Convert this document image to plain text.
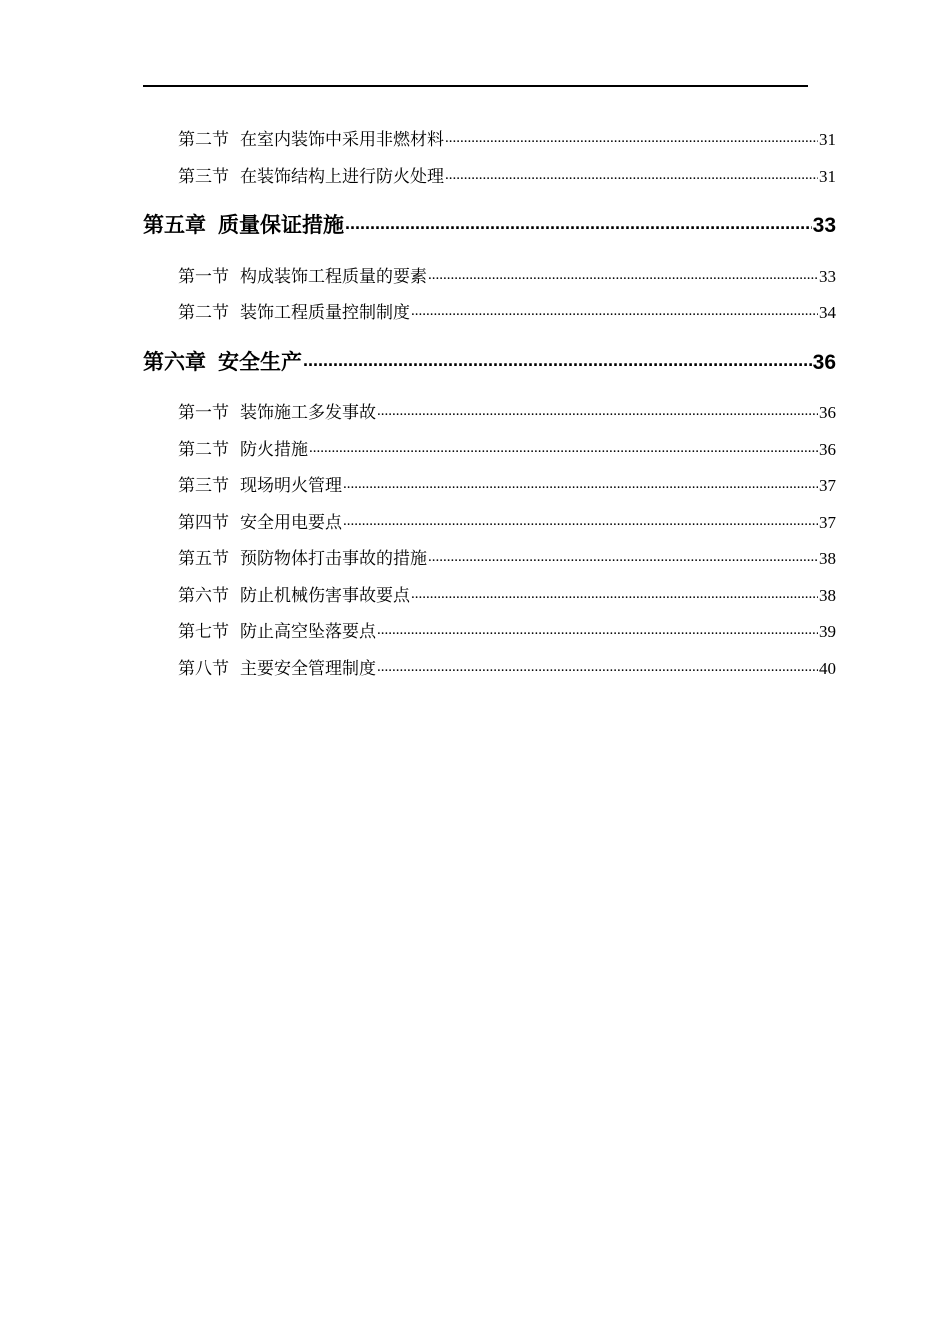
第二节 在室内装饰中采用非燃材料 .....	31
第三节 在装饰结构上进行防火处理 .....	31
第五章 质量保证措施 .....	33
第一节 构成装饰工程质量的要素 .....	33
第二节 装饰工程质量控制制度 .....	34
第六章 安全生产 .....	36
第一节 装饰施工多发事故 .....	36
第二节 防火措施 .....	36
第三节 现场明火管理 .....	37
第四节 安全用电要点 .....	37
第五节 预防物体打击事故的措施 .....	38
第六节 防止机械伤害事故要点 .....	38
第七节 防止高空坠落要点 .....	39
第八节 主要安全管理制度 .....	40
